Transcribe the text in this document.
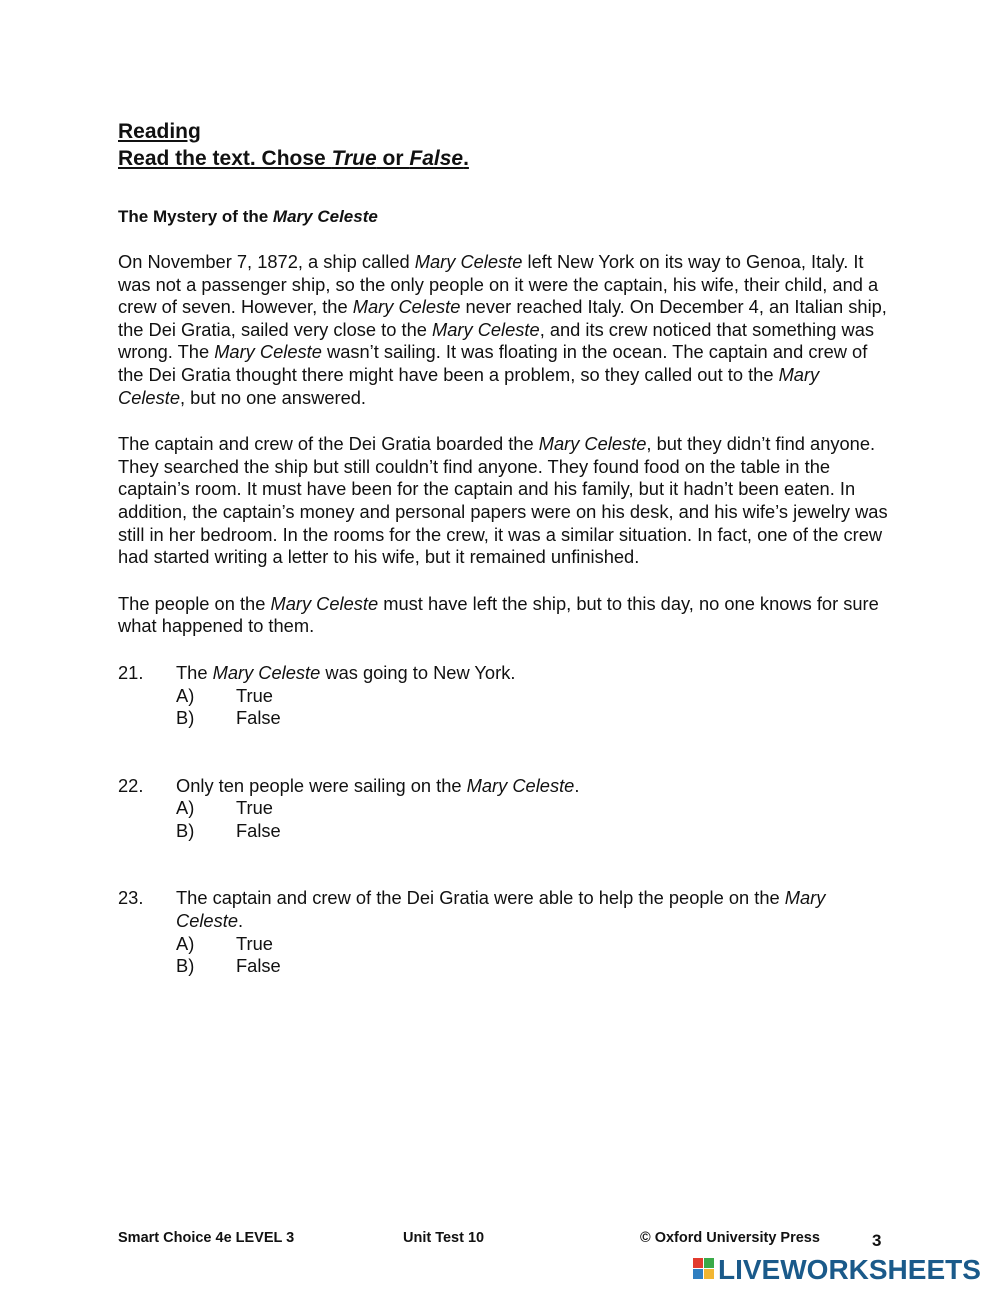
Reading
Read the text. Chose True or False.
The Mystery of the Mary Celeste
On November 7, 1872, a ship called Mary Celeste left New York on its way to Genoa, Italy. It was not a passenger ship, so the only people on it were the captain, his wife, their child, and a crew of seven. However, the Mary Celeste never reached Italy. On December 4, an Italian ship, the Dei Gratia, sailed very close to the Mary Celeste, and its crew noticed that something was wrong. The Mary Celeste wasn’t sailing. It was floating in the ocean. The captain and crew of the Dei Gratia thought there might have been a problem, so they called out to the Mary Celeste, but no one answered.
The captain and crew of the Dei Gratia boarded the Mary Celeste, but they didn’t find anyone. They searched the ship but still couldn’t find anyone. They found food on the table in the captain’s room. It must have been for the captain and his family, but it hadn’t been eaten. In addition, the captain’s money and personal papers were on his desk, and his wife’s jewelry was still in her bedroom. In the rooms for the crew, it was a similar situation. In fact, one of the crew had started writing a letter to his wife, but it remained unfinished.
The people on the Mary Celeste must have left the ship, but to this day, no one knows for sure what happened to them.
21. The Mary Celeste was going to New York.
A) True
B) False
22. Only ten people were sailing on the Mary Celeste.
A) True
B) False
23. The captain and crew of the Dei Gratia were able to help the people on the Mary Celeste.
A) True
B) False
Smart Choice 4e LEVEL 3	Unit Test 10	© Oxford University Press	3
LIVEWORKSHEETS
